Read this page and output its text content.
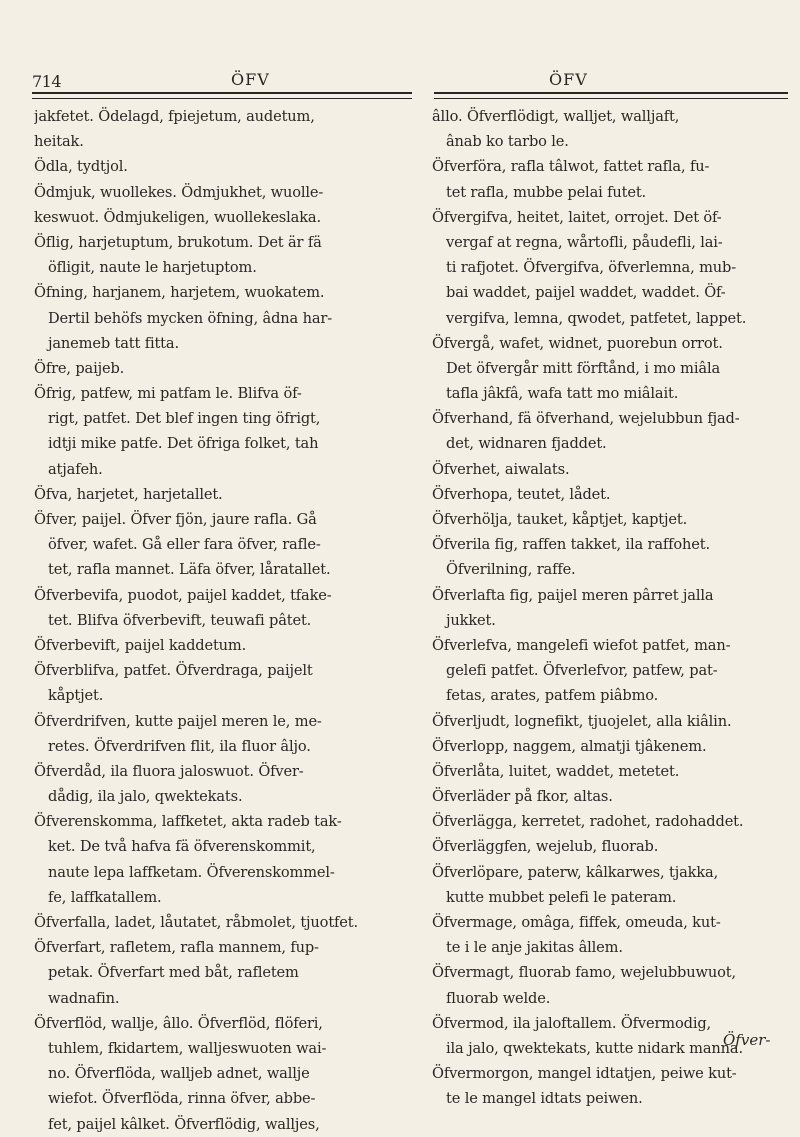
714	ÖFV	ÖFV
jakfetet. Ödelagd, fpiejetum, audetum,
heitak.
Ödla, tydtjol.
Ödmjuk, wuollekes. Ödmjukhet, wuolle-
keswuot. Ödmjukeligen, wuollekeslaka.
Öflig, harjetuptum, brukotum. Det är fä
öfligit, naute le harjetuptom.
Öfning, harjanem, harjetem, wuokatem.
Dertil behöfs mycken öfning, âdna har-
janemeb tatt fitta.
Öfre, paijeb.
Öfrig, patfew, mi patfam le. Blifva öf-
rigt, patfet. Det blef ingen ting öfrigt,
idtji mike patfe. Det öfriga folket, tah
atjafeh.
Öfva, harjetet, harjetallet.
Öfver, paijel. Öfver fjön, jaure rafla. Gå
öfver, wafet. Gå eller fara öfver, rafle-
tet, rafla mannet. Läfa öfver, låratallet.
Öfverbevifa, puodot, paijel kaddet, tfake-
tet. Blifva öfverbevift, teuwafi pâtet.
Öfverbevift, paijel kaddetum.
Öfverblifva, patfet. Öfverdraga, paijelt
kåptjet.
Öfverdrifven, kutte paijel meren le, me-
retes. Öfverdrifven flit, ila fluor âljo.
Öfverdåd, ila fluora jaloswuot. Öfver-
dådig, ila jalo, qwektekats.
Öfverenskomma, laffketet, akta radeb tak-
ket. De två hafva fä öfverenskommit,
naute lepa laffketam. Öfverenskommel-
fe, laffkatallem.
Öfverfalla, ladet, låutatet, råbmolet, tjuotfet.
Öfverfart, rafletem, rafla mannem, fup-
petak. Öfverfart med båt, rafletem
wadnafin.
Öfverflöd, wallje, âllo. Öfverflöd, flöferi,
tuhlem, fkidartem, walljeswuoten wai-
no. Öfverflöda, walljeb adnet, wallje
wiefot. Öfverflöda, rinna öfver, abbe-
fet, paijel kâlket. Öfverflödig, walljes,
âllo. Öfverflödigt, walljet, walljaft,
ânab ko tarbo le.
Öfverföra, rafla tâlwot, fattet rafla, fu-
tet rafla, mubbe pelai futet.
Öfvergifva, heitet, laitet, orrojet. Det öf-
vergaf at regna, wårtofli, påudefli, lai-
ti rafjotet. Öfvergifva, öfverlemna, mub-
bai waddet, paijel waddet, waddet. Öf-
vergifva, lemna, qwodet, patfetet, lappet.
Öfvergå, wafet, widnet, puorebun orrot.
Det öfvergår mitt förftånd, i mo miâla
tafla jâkfâ, wafa tatt mo miâlait.
Öfverhand, fä öfverhand, wejelubbun fjad-
det, widnaren fjaddet.
Öfverhet, aiwalats.
Öfverhopa, teutet, lådet.
Öfverhölja, tauket, kåptjet, kaptjet.
Öfverila fig, raffen takket, ila raffohet.
Öfverilning, raffe.
Öfverlafta fig, paijel meren pârret jalla
jukket.
Öfverlefva, mangelefi wiefot patfet, man-
gelefi patfet. Öfverlefvor, patfew, pat-
fetas, arates, patfem piâbmo.
Öfverljudt, lognefikt, tjuojelet, alla kiâlin.
Öfverlopp, naggem, almatji tjâkenem.
Öfverlåta, luitet, waddet, metetet.
Öfverläder på fkor, altas.
Öfverlägga, kerretet, radohet, radohaddet.
Öfverläggfen, wejelub, fluorab.
Öfverlöpare, paterw, kâlkarwes, tjakka,
kutte mubbet pelefi le pateram.
Öfvermage, omâga, fiffek, omeuda, kut-
te i le anje jakitas âllem.
Öfvermagt, fluorab famo, wejelubbuwuot,
fluorab welde.
Öfvermod, ila jaloftallem. Öfvermodig,
ila jalo, qwektekats, kutte nidark manna.
Öfvermorgon, mangel idtatjen, peiwe kut-
te le mangel idtats peiwen.
Öfver-
